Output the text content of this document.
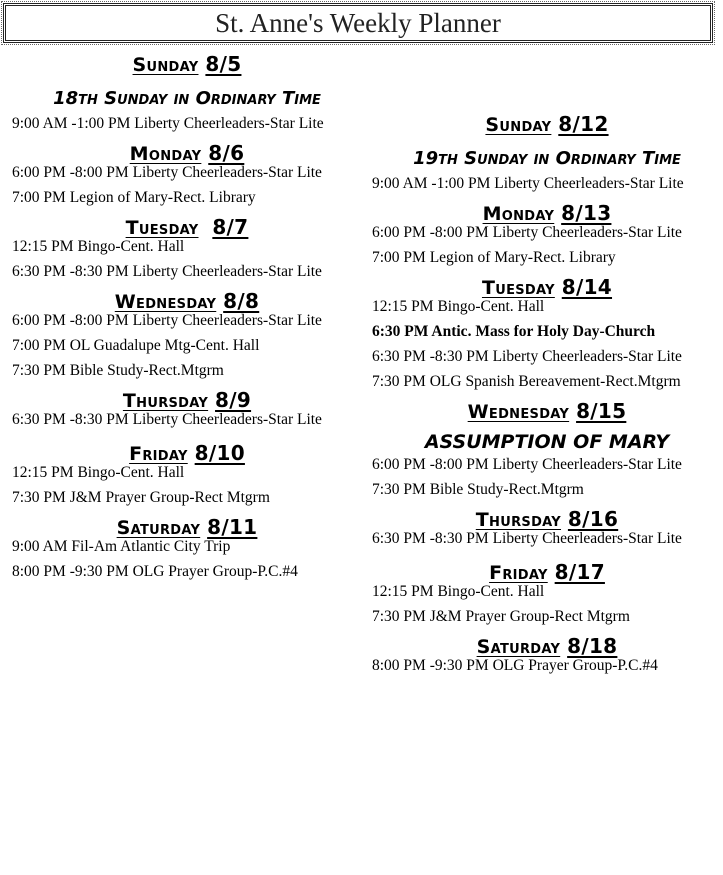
St. Anne's Weekly Planner
Sunday 8/5

18th Sunday in Ordinary Time

9:00 AM -1:00 PM Liberty Cheerleaders-Star Lite

Monday 8/6

6:00 PM -8:00 PM Liberty Cheerleaders-Star Lite

7:00 PM Legion of Mary-Rect. Library

Tuesday 8/7

12:15 PM Bingo-Cent. Hall

6:30 PM -8:30 PM Liberty Cheerleaders-Star Lite

Wednesday 8/8

6:00 PM -8:00 PM Liberty Cheerleaders-Star Lite

7:00 PM OL Guadalupe Mtg-Cent. Hall

7:30 PM Bible Study-Rect.Mtgrm

Thursday 8/9

6:30 PM -8:30 PM Liberty Cheerleaders-Star Lite

Friday 8/10

12:15 PM Bingo-Cent. Hall

7:30 PM J&M Prayer Group-Rect Mtgrm

Saturday 8/11

9:00 AM Fil-Am Atlantic City Trip

8:00 PM -9:30 PM OLG Prayer Group-P.C.#4

Sunday 8/12

19th Sunday in Ordinary Time

9:00 AM -1:00 PM Liberty Cheerleaders-Star Lite

Monday 8/13

6:00 PM -8:00 PM Liberty Cheerleaders-Star Lite

7:00 PM Legion of Mary-Rect. Library

Tuesday 8/14

12:15 PM Bingo-Cent. Hall

6:30 PM Antic. Mass for Holy Day-Church

6:30 PM -8:30 PM Liberty Cheerleaders-Star Lite

7:30 PM OLG Spanish Bereavement-Rect.Mtgrm

Wednesday 8/15

ASSUMPTION OF MARY

6:00 PM -8:00 PM Liberty Cheerleaders-Star Lite

7:30 PM Bible Study-Rect.Mtgrm

Thursday 8/16

6:30 PM -8:30 PM Liberty Cheerleaders-Star Lite

Friday 8/17

12:15 PM Bingo-Cent. Hall

7:30 PM J&M Prayer Group-Rect Mtgrm

Saturday 8/18

8:00 PM -9:30 PM OLG Prayer Group-P.C.#4
